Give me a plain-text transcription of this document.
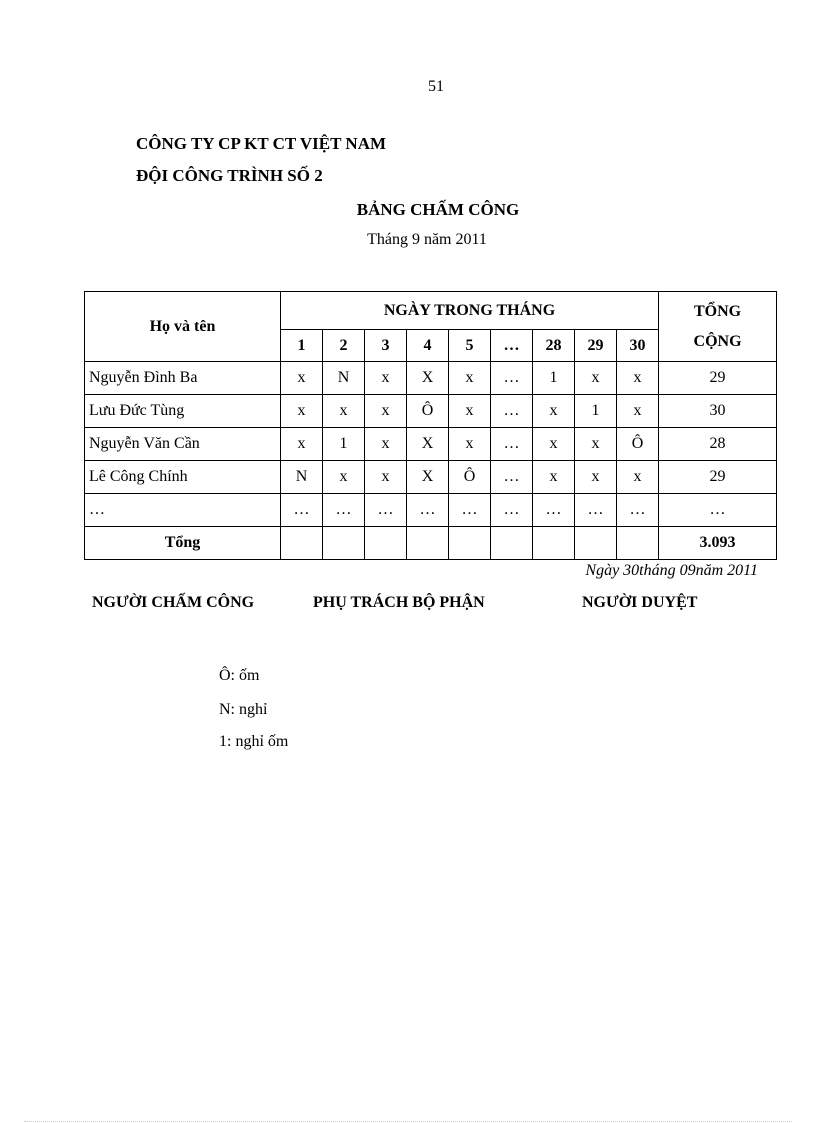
51
CÔNG TY CP KT CT VIỆT NAM
ĐỘI CÔNG TRÌNH SỐ 2
BẢNG CHẤM CÔNG
Tháng 9 năm 2011
Họ và tên	NGÀY TRONG THÁNG									TỔNG
CỘNG

	1	2	3	4	5	…	28	29	30	
Nguyễn Đình Ba	x	N	x	X	x	…	1	x	x	29
Lưu Đức Tùng	x	x	x	Ô	x	…	x	1	x	30
Nguyễn Văn Cần	x	1	x	X	x	…	x	x	Ô	28
Lê Công Chính	N	x	x	X	Ô	…	x	x	x	29
…	…	…	…	…	…	…	…	…	…	…
Tổng										3.093
Ngày 30tháng 09năm 2011
NGƯỜI CHẤM CÔNG	PHỤ TRÁCH BỘ PHẬN	NGƯỜI DUYỆT
Ô: ốm
N: nghỉ
1: nghỉ ốm
